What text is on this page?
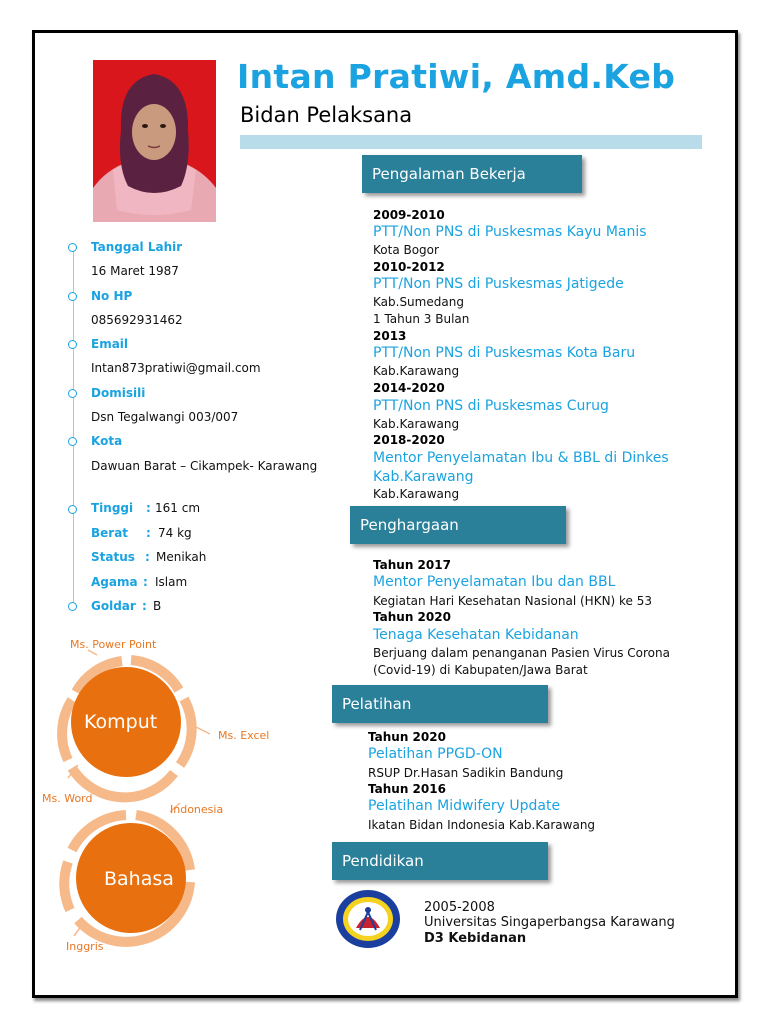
Intan Pratiwi, Amd.Keb
Bidan Pelaksana
Tanggal Lahir
16 Maret 1987
No HP
085692931462
Email
Intan873pratiwi@gmail.com
Domisili
Dsn Tegalwangi 003/007
Kota
Dawuan Barat – Cikampek- Karawang
Tinggi : 161 cm
Berat : 74 kg
Status : Menikah
Agama : Islam
Goldar : B
Komput
Bahasa
Ms. Power Point
Ms. Excel
Ms. Word
Indonesia
Inggris
Pengalaman Bekerja
2009-2010
PTT/Non PNS di Puskesmas Kayu Manis
Kota Bogor
2010-2012
PTT/Non PNS di Puskesmas Jatigede
Kab.Sumedang
1 Tahun 3 Bulan
2013
PTT/Non PNS di Puskesmas Kota Baru
Kab.Karawang
2014-2020
PTT/Non PNS di Puskesmas Curug
Kab.Karawang
2018-2020
Mentor Penyelamatan Ibu & BBL di Dinkes
Kab.Karawang
Kab.Karawang
Penghargaan
Tahun 2017
Mentor Penyelamatan Ibu dan BBL
Kegiatan Hari Kesehatan Nasional (HKN) ke 53
Tahun 2020
Tenaga Kesehatan Kebidanan
Berjuang dalam penanganan Pasien Virus Corona
(Covid-19) di Kabupaten/Jawa Barat
Pelatihan
Tahun 2020
Pelatihan PPGD-ON
RSUP Dr.Hasan Sadikin Bandung
Tahun 2016
Pelatihan Midwifery Update
Ikatan Bidan Indonesia Kab.Karawang
Pendidikan
2005-2008
Universitas Singaperbangsa Karawang
D3 Kebidanan
